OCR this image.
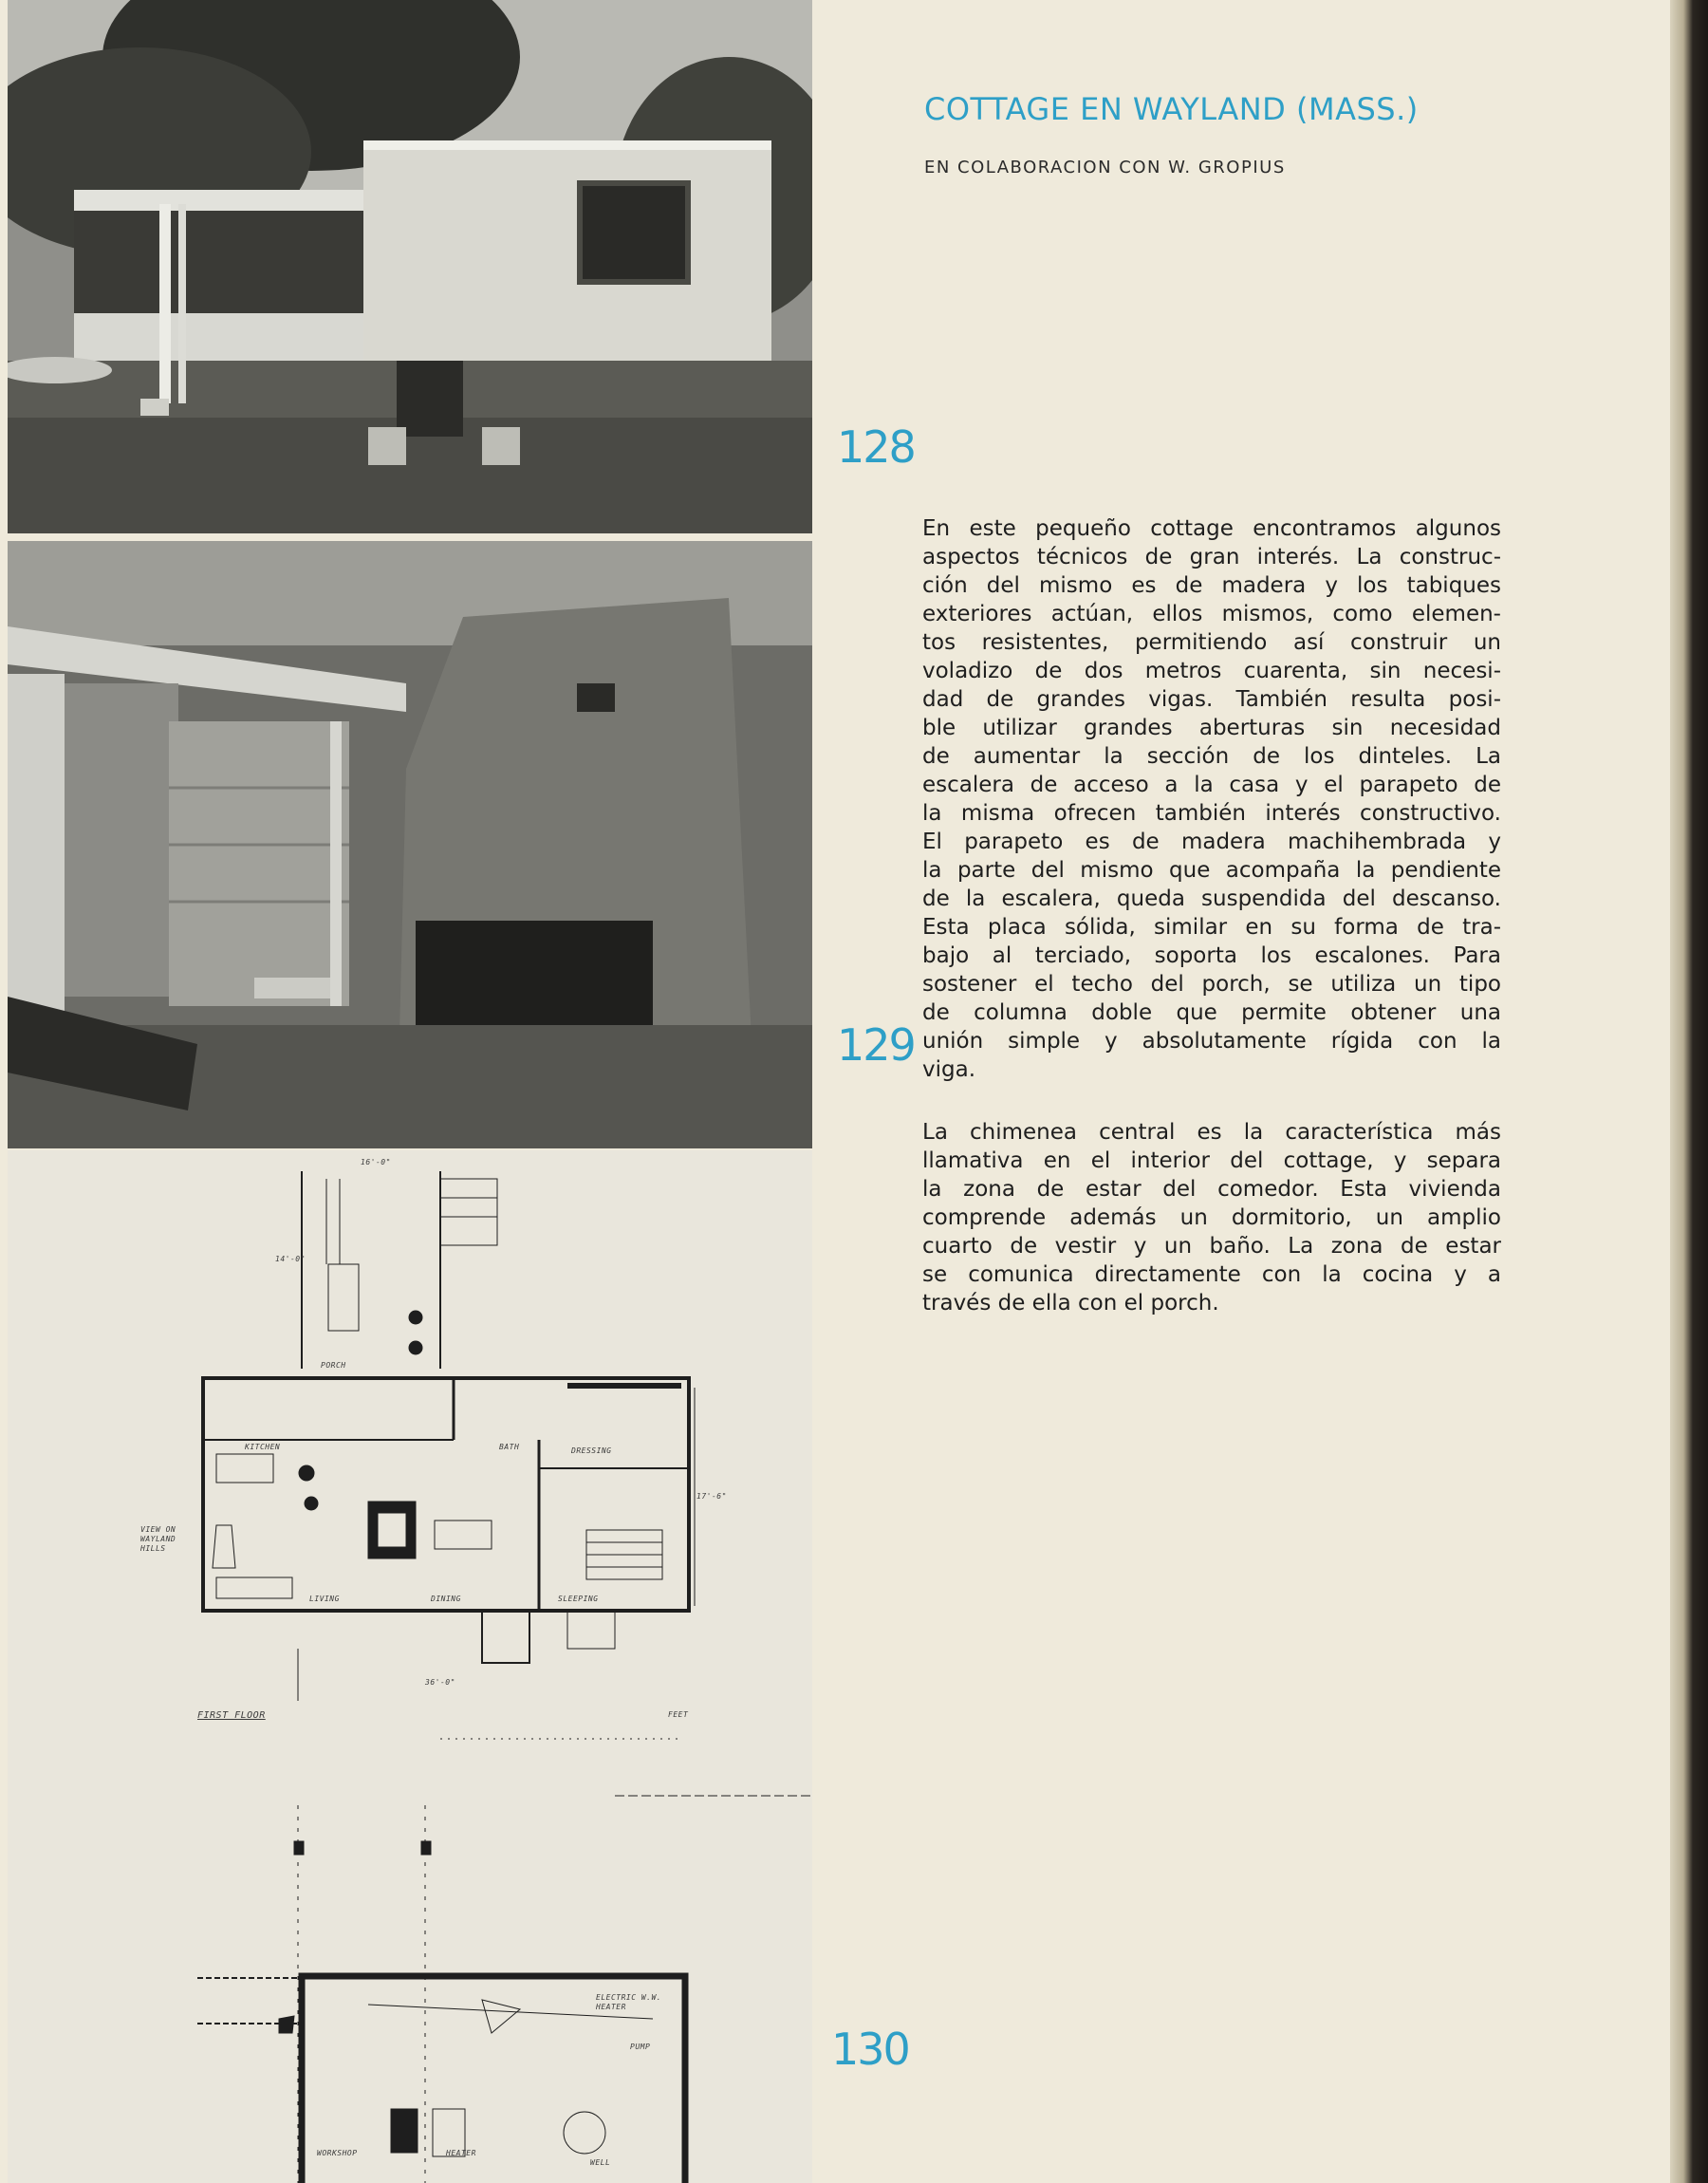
PORCH
KITCHEN	BATH	DRESSING
LIVING	DINING	SLEEPING
VIEW ON WAYLAND HILLS
FIRST FLOOR	FEET
16'-0"
14'-0"
36'-0"
17'-6"
ELECTRIC W.W. HEATER
PUMP
WORKSHOP	HEATER
WELL
COTTAGE EN WAYLAND (MASS.)
EN COLABORACION CON W. GROPIUS
128
129
130
En este pequeño cottage encontramos algunos
aspectos técnicos de gran interés. La construc-
ción del mismo es de madera y los tabiques
exteriores actúan, ellos mismos, como elemen-
tos resistentes, permitiendo así construir un
voladizo de dos metros cuarenta, sin necesi-
dad de grandes vigas. También resulta posi-
ble utilizar grandes aberturas sin necesidad
de aumentar la sección de los dinteles. La
escalera de acceso a la casa y el parapeto de
la misma ofrecen también interés constructivo.
El parapeto es de madera machihembrada y
la parte del mismo que acompaña la pendiente
de la escalera, queda suspendida del descanso.
Esta placa sólida, similar en su forma de tra-
bajo al terciado, soporta los escalones. Para
sostener el techo del porch, se utiliza un tipo
de columna doble que permite obtener una
unión simple y absolutamente rígida con la
viga.
La chimenea central es la característica más
llamativa en el interior del cottage, y separa
la zona de estar del comedor. Esta vivienda
comprende además un dormitorio, un amplio
cuarto de vestir y un baño. La zona de estar
se comunica directamente con la cocina y a
través de ella con el porch.
